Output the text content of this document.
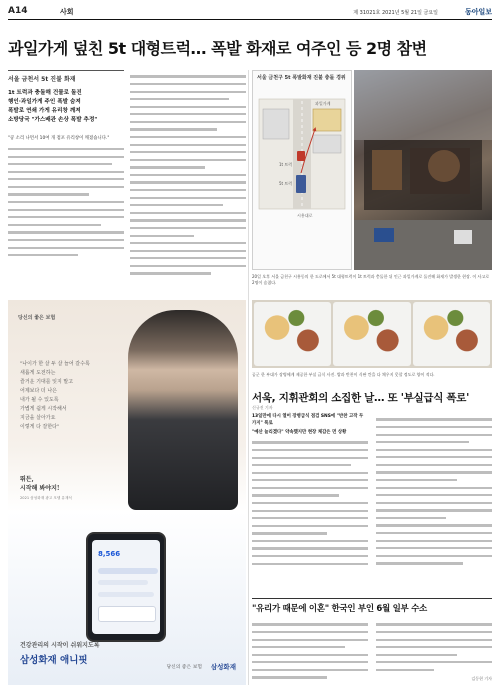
A14	사회	제 31021호 2021년 5월 21일 금요일	동아일보
과일가게 덮친 5t 대형트럭… 폭발 화재로 여주인 등 2명 참변
서울 금천서 5t 진불 화재
1t 트럭과 충돌해 건물로 돌진
행인·과일가게 주인 폭발 숨져
폭발로 연쇄 가게 유리창 깨져
소방당국 "가스배관 손상 폭발 추정"
"쿵 소리 나면서 10여 개 점포 유리창이 깨졌습니다."
서울 금천구 5t 폭발화재 진불 충돌 경위
1t 트럭
5t 트럭
과일가게
시흥대로
20일 오후 서울 금천구 시흥동의 한 도로에서 5t 대형트럭이 1t 트럭과 충돌한 뒤 인근 과일가게로 돌진해 화재가 발생한 현장. 이 사고로 2명이 숨졌다.
당신의 좋은 보험
"나이가 한 살 두 살 늘어 갈수록
새롭게 도전하는
즐거운 기대를 잊지 말고
어제보다 더 나은
내가 될 수 있도록
가볍게 쉽게 시작해서
지금을 살아가요
이렇게 다 잘한다"
뛰든,
시작해 봐야지!
2021 삼성화재 광고 모델 유재석
8,566
건강관리의 시작이 쉬워지도록
삼성화재 애니핏
당신의 좋은 보험 삼성화재
공군 한 부대가 장병에게 제공한 부실 급식 사진. 밥과 반찬이 식판 칸을 다 채우지 못할 정도로 양이 적다.
서욱, 지휘관회의 소집한 날… 또 '부실급식 폭로'
신규진 기자
13일만에 다시 열어 장병급식 점검 SNS에 "반찬 고작 두 가지" 폭로
"예산 늘리겠다" 약속했지만 현장 체감은 먼 상황
"유리가 때문에 이혼" 한국인 부인 6월 일부 수소
김동현 기자
